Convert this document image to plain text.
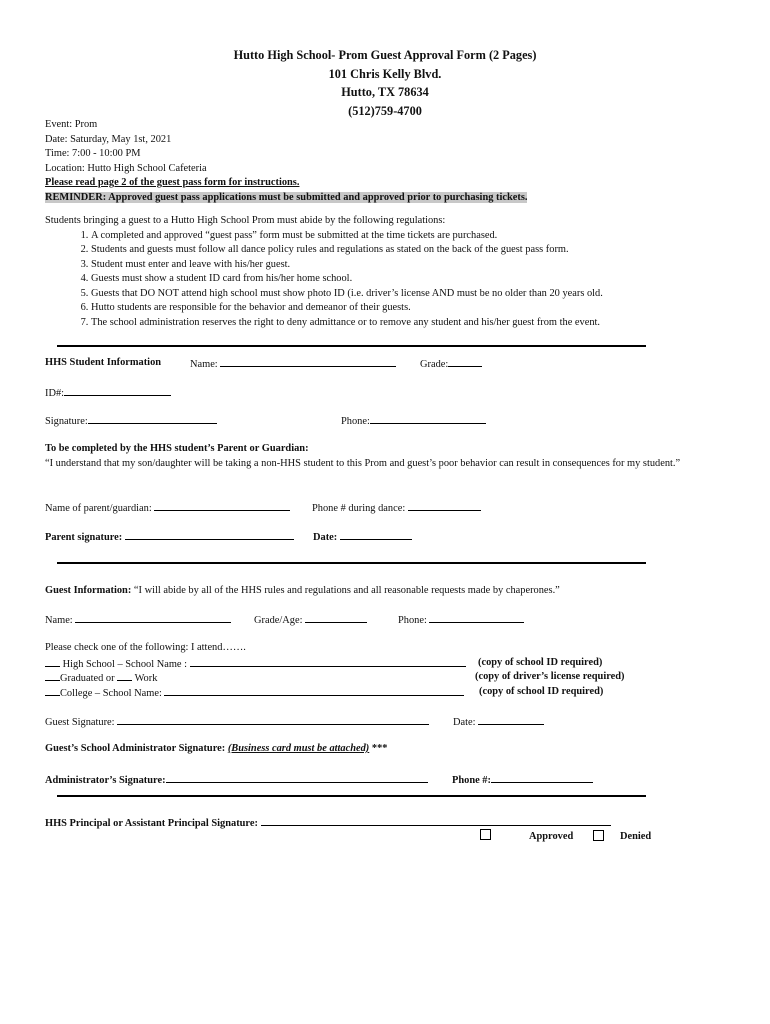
Hutto High School- Prom Guest Approval Form (2 Pages)
101 Chris Kelly Blvd.
Hutto, TX 78634
(512)759-4700
Event: Prom
Date: Saturday, May 1st, 2021
Time: 7:00 - 10:00 PM
Location: Hutto High School Cafeteria
Please read page 2 of the guest pass form for instructions.
REMINDER: Approved guest pass applications must be submitted and approved prior to purchasing tickets.
Students bringing a guest to a Hutto High School Prom must abide by the following regulations:
1. A completed and approved “guest pass” form must be submitted at the time tickets are purchased.
2. Students and guests must follow all dance policy rules and regulations as stated on the back of the guest pass form.
3. Student must enter and leave with his/her guest.
4. Guests must show a student ID card from his/her home school.
5. Guests that DO NOT attend high school must show photo ID (i.e. driver’s license AND must be no older than 20 years old.
6. Hutto students are responsible for the behavior and demeanor of their guests.
7. The school administration reserves the right to deny admittance or to remove any student and his/her guest from the event.
HHS Student Information	Name:	Grade:
ID#:
Signature:	Phone:
To be completed by the HHS student’s Parent or Guardian:
“I understand that my son/daughter will be taking a non-HHS student to this Prom and guest’s poor behavior can result in consequences for my student.”
Name of parent/guardian:	Phone # during dance:
Parent signature:	Date:
Guest Information: “I will abide by all of the HHS rules and regulations and all reasonable requests made by chaperones.”
Name:	Grade/Age:	Phone:
Please check one of the following: I attend…….
High School – School Name :	(copy of school ID required)
Graduated or Work	(copy of driver’s license required)
College – School Name:	(copy of school ID required)
Guest Signature:	Date:
Guest’s School Administrator Signature: (Business card must be attached) ***
Administrator’s Signature:	Phone #:
HHS Principal or Assistant Principal Signature:
Approved	Denied
